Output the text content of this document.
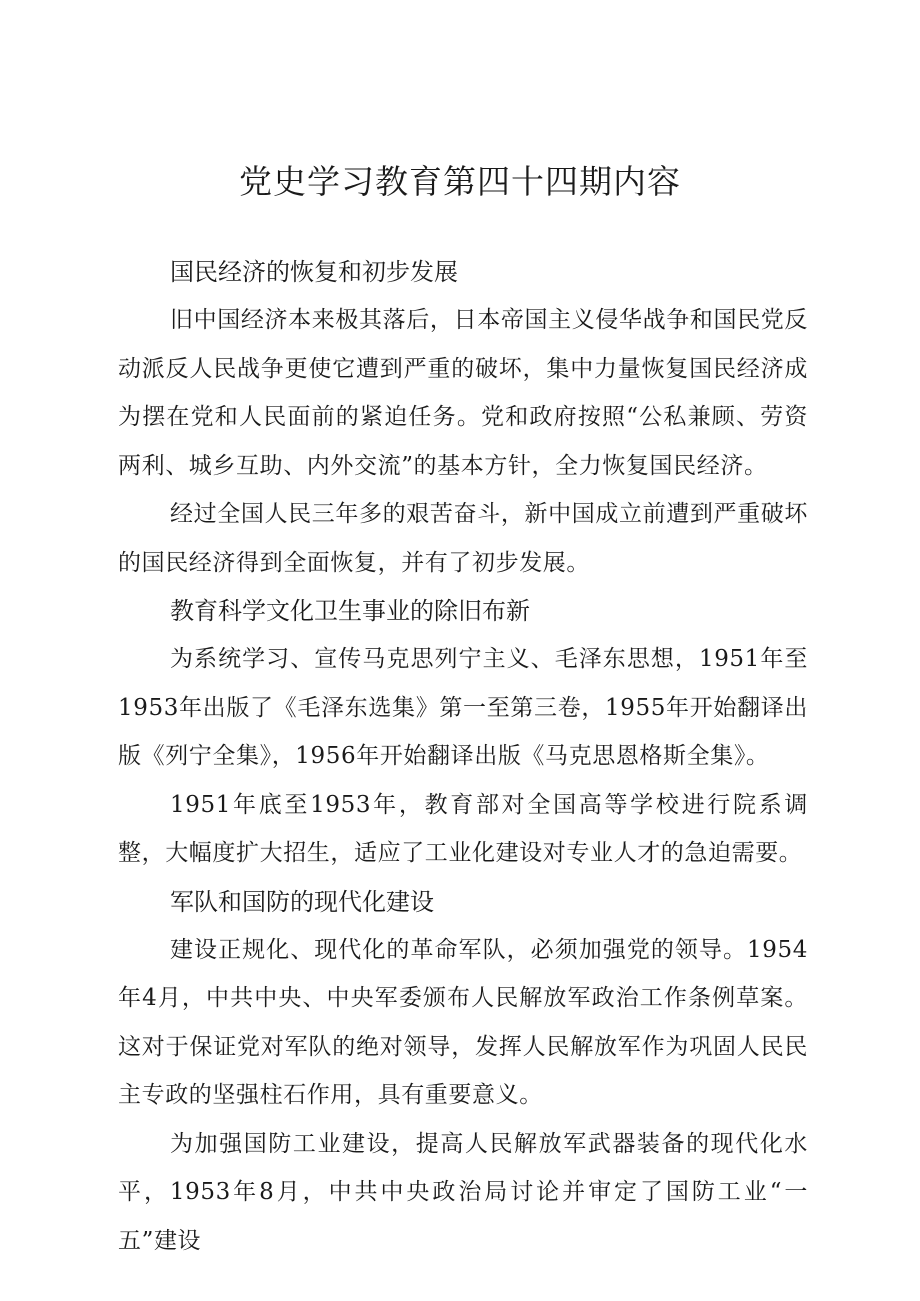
党史学习教育第四十四期内容
国民经济的恢复和初步发展

旧中国经济本来极其落后，日本帝国主义侵华战争和国民党反动派反人民战争更使它遭到严重的破坏，集中力量恢复国民经济成为摆在党和人民面前的紧迫任务。党和政府按照“公私兼顾、劳资两利、城乡互助、内外交流”的基本方针，全力恢复国民经济。

经过全国人民三年多的艰苦奋斗，新中国成立前遭到严重破坏的国民经济得到全面恢复，并有了初步发展。

教育科学文化卫生事业的除旧布新

为系统学习、宣传马克思列宁主义、毛泽东思想，1951年至1953年出版了《毛泽东选集》第一至第三卷，1955年开始翻译出版《列宁全集》，1956年开始翻译出版《马克思恩格斯全集》。

1951年底至1953年，教育部对全国高等学校进行院系调整，大幅度扩大招生，适应了工业化建设对专业人才的急迫需要。

军队和国防的现代化建设

建设正规化、现代化的革命军队，必须加强党的领导。1954年4月，中共中央、中央军委颁布人民解放军政治工作条例草案。这对于保证党对军队的绝对领导，发挥人民解放军作为巩固人民民主专政的坚强柱石作用，具有重要意义。

为加强国防工业建设，提高人民解放军武器装备的现代化水平，1953年8月，中共中央政治局讨论并审定了国防工业“一五”建设
